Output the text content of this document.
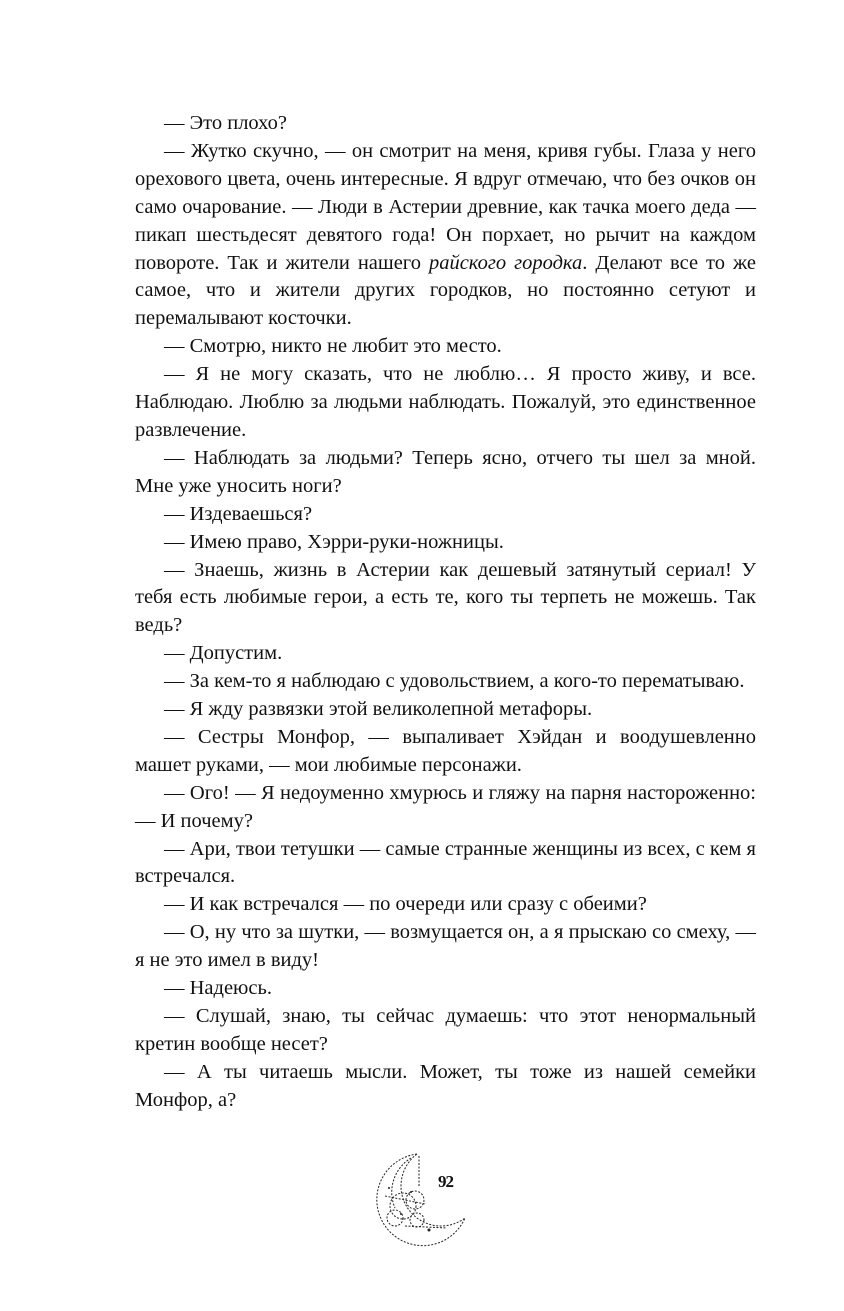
— Это плохо?

— Жутко скучно, — он смотрит на меня, кривя губы. Глаза у него орехового цвета, очень интересные. Я вдруг отмечаю, что без очков он само очарование. — Люди в Астерии древние, как тачка моего деда — пикап шестьдесят девятого года! Он порхает, но рычит на каждом повороте. Так и жители нашего райского городка. Делают все то же самое, что и жители других городков, но постоянно сетуют и перемалывают косточки.

— Смотрю, никто не любит это место.

— Я не могу сказать, что не люблю… Я просто живу, и все. Наблюдаю. Люблю за людьми наблюдать. Пожалуй, это единственное развлечение.

— Наблюдать за людьми? Теперь ясно, отчего ты шел за мной. Мне уже уносить ноги?

— Издеваешься?

— Имею право, Хэрри-руки-ножницы.

— Знаешь, жизнь в Астерии как дешевый затянутый сериал! У тебя есть любимые герои, а есть те, кого ты терпеть не можешь. Так ведь?

— Допустим.

— За кем-то я наблюдаю с удовольствием, а кого-то перематываю.

— Я жду развязки этой великолепной метафоры.

— Сестры Монфор, — выпаливает Хэйдан и воодушевленно машет руками, — мои любимые персонажи.

— Ого! — Я недоуменно хмурюсь и гляжу на парня настороженно: — И почему?

— Ари, твои тетушки — самые странные женщины из всех, с кем я встречался.

— И как встречался — по очереди или сразу с обеими?

— О, ну что за шутки, — возмущается он, а я прыскаю со смеху, — я не это имел в виду!

— Надеюсь.

— Слушай, знаю, ты сейчас думаешь: что этот ненормальный кретин вообще несет?

— А ты читаешь мысли. Может, ты тоже из нашей семейки Монфор, а?

92
